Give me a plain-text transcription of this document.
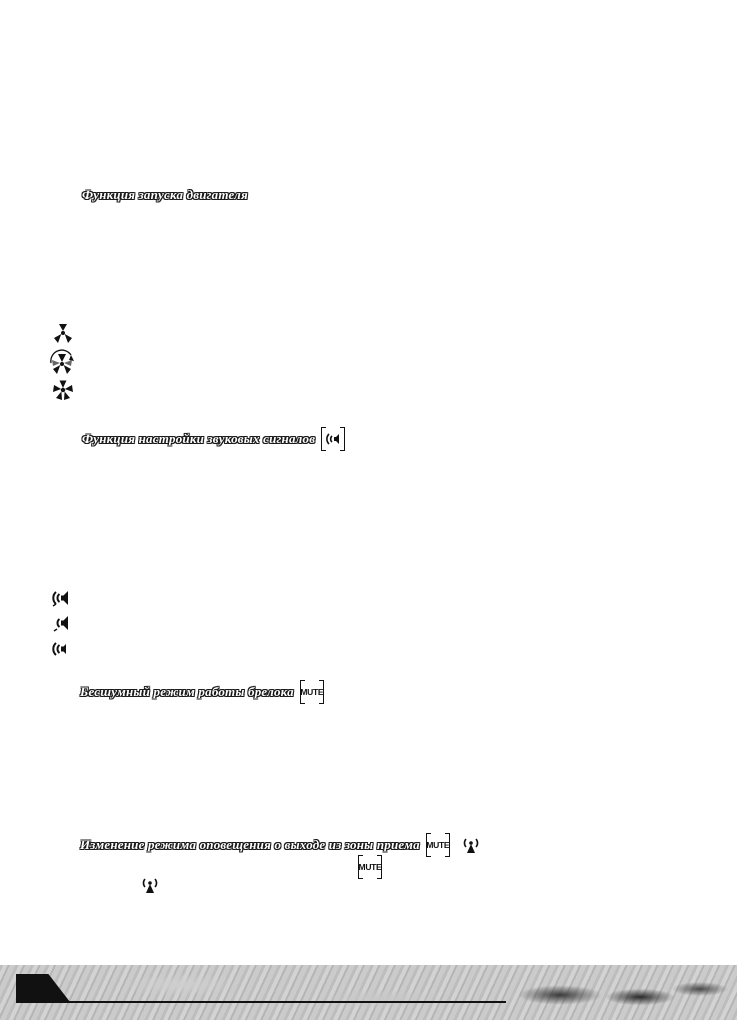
Функция запуска двигателя
Функция настройки звуковых сигналов
Бесшумный режим работы брелока MUTE
Изменение режима оповещения о выходе из зоны приема MUTE
MUTE
